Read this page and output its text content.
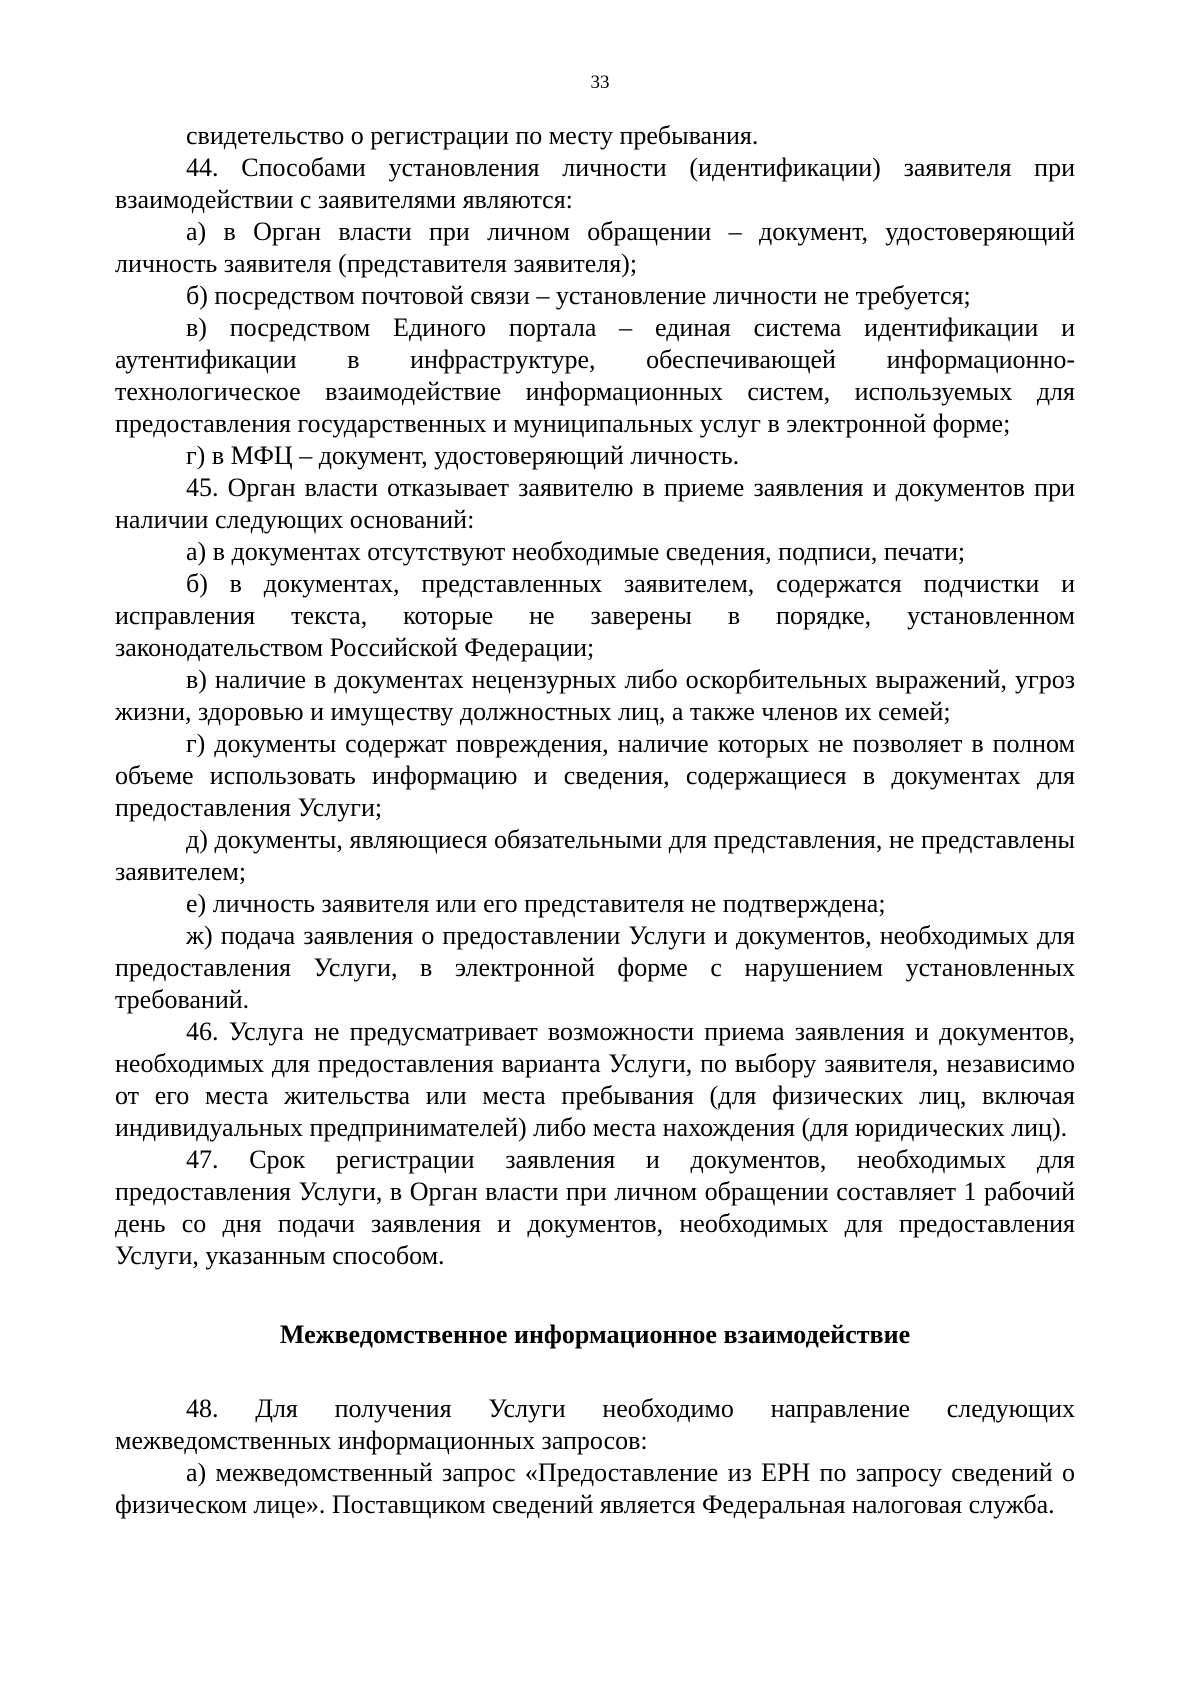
33

свидетельство о регистрации по месту пребывания.

44. Способами установления личности (идентификации) заявителя при взаимодействии с заявителями являются:

а) в Орган власти при личном обращении – документ, удостоверяющий личность заявителя (представителя заявителя);

б) посредством почтовой связи – установление личности не требуется;

в) посредством Единого портала – единая система идентификации и аутентификации в инфраструктуре, обеспечивающей информационно-технологическое взаимодействие информационных систем, используемых для предоставления государственных и муниципальных услуг в электронной форме;

г) в МФЦ – документ, удостоверяющий личность.

45. Орган власти отказывает заявителю в приеме заявления и документов при наличии следующих оснований:

а) в документах отсутствуют необходимые сведения, подписи, печати;

б) в документах, представленных заявителем, содержатся подчистки и исправления текста, которые не заверены в порядке, установленном законодательством Российской Федерации;

в) наличие в документах нецензурных либо оскорбительных выражений, угроз жизни, здоровью и имуществу должностных лиц, а также членов их семей;

г) документы содержат повреждения, наличие которых не позволяет в полном объеме использовать информацию и сведения, содержащиеся в документах для предоставления Услуги;

д) документы, являющиеся обязательными для представления, не представлены заявителем;

е) личность заявителя или его представителя не подтверждена;

ж) подача заявления о предоставлении Услуги и документов, необходимых для предоставления Услуги, в электронной форме с нарушением установленных требований.

46. Услуга не предусматривает возможности приема заявления и документов, необходимых для предоставления варианта Услуги, по выбору заявителя, независимо от его места жительства или места пребывания (для физических лиц, включая индивидуальных предпринимателей) либо места нахождения (для юридических лиц).

47. Срок регистрации заявления и документов, необходимых для предоставления Услуги, в Орган власти при личном обращении составляет 1 рабочий день со дня подачи заявления и документов, необходимых для предоставления Услуги, указанным способом.

Межведомственное информационное взаимодействие

48. Для получения Услуги необходимо направление следующих межведомственных информационных запросов:

а) межведомственный запрос «Предоставление из ЕРН по запросу сведений о физическом лице». Поставщиком сведений является Федеральная налоговая служба.
